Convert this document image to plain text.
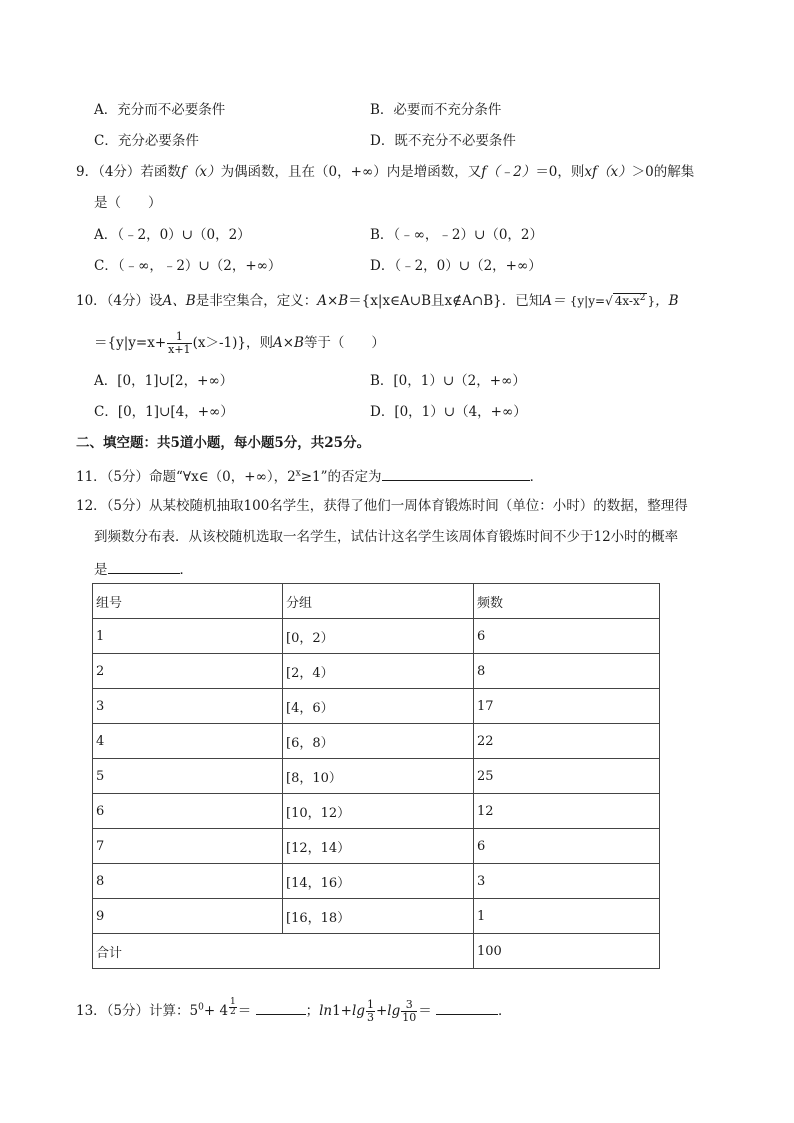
A．充分而不必要条件	B．必要而不充分条件
C．充分必要条件	D．既不充分不必要条件
9．（4分）若函数f（x）为偶函数，且在（0，+∞）内是增函数，又f（﹣2）＝0，则xf（x）＞0的解集
是（　　）
A．（﹣2，0）∪（0，2）	B．（﹣∞，﹣2）∪（0，2）
C．（﹣∞，﹣2）∪（2，+∞）	D．（﹣2，0）∪（2，+∞）
10．（4分）设A、B是非空集合，定义：A×B＝{x|x∈A∪B且x∉A∩B}．已知A＝ {y|y=√ $4x-x^2$ }，B
$=\{y|y=x+ \frac{1}{x+1} (x>-1)\}$，则A×B等于（　　）
A．[0，1]∪[2，+∞）	B．[0，1）∪（2，+∞）
C．[0，1]∪[4，+∞）	D．[0，1）∪（4，+∞）
二、填空题：共5道小题，每小题5分，共25分。
11．（5分）命题“∀x∈（0，+∞），$2^x\ge 1$”的否定为	．
12．（5分）从某校随机抽取100名学生，获得了他们一周体育锻炼时间（单位：小时）的数据，整理得
到频数分布表．从该校随机选取一名学生，试估计这名学生该周体育锻炼时间不少于12小时的概率
是	．
组号	分组	频数
1	[0，2）	6
2	[2，4）	8
3	[4，6）	17
4	[6，8）	22
5	[8，10）	25
6	[10，12）	12
7	[12，14）	6
8	[14，16）	3
9	[16，18）	1
合计		100
13．（5分）计算：$5^0+ 4 \frac{1}{2}$ ＝	；$\ln 1+\lg \frac{1}{3} +\lg \frac{3}{10}$ ＝	．
